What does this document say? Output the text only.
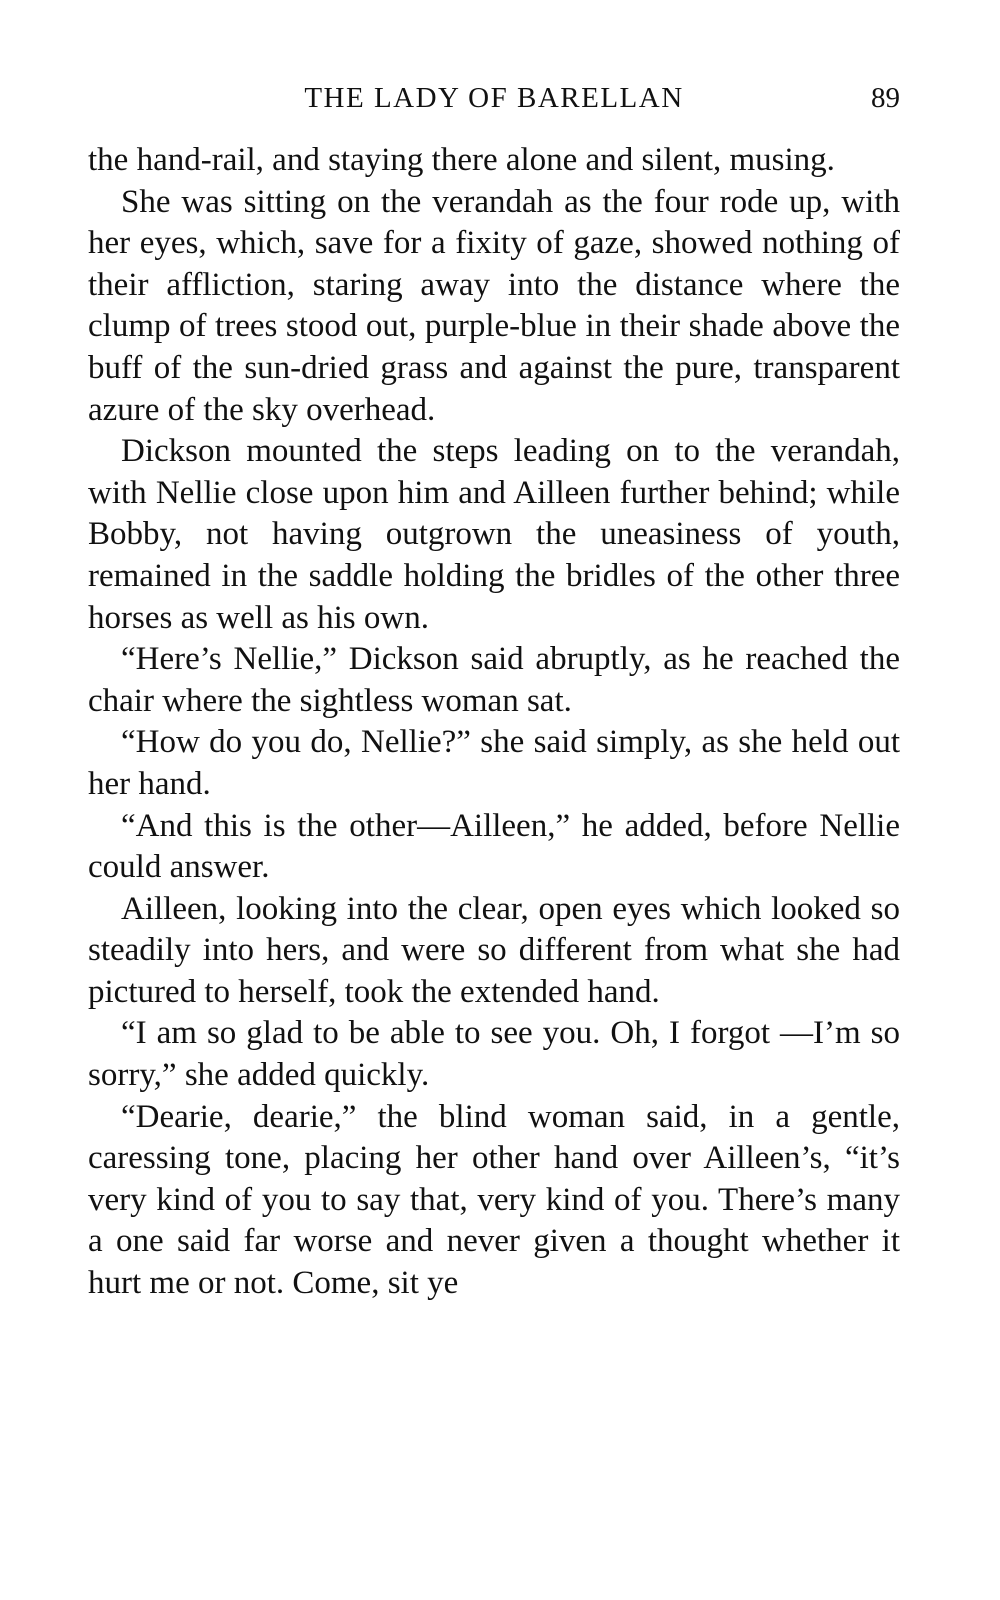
THE LADY OF BARELLAN	89

the hand-rail, and staying there alone and silent, musing.

She was sitting on the verandah as the four rode up, with her eyes, which, save for a fixity of gaze, showed nothing of their affliction, staring away into the distance where the clump of trees stood out, purple-blue in their shade above the buff of the sun-dried grass and against the pure, transparent azure of the sky overhead.

Dickson mounted the steps leading on to the verandah, with Nellie close upon him and Ailleen further behind; while Bobby, not having outgrown the uneasiness of youth, remained in the saddle holding the bridles of the other three horses as well as his own.

“Here’s Nellie,” Dickson said abruptly, as he reached the chair where the sightless woman sat.

“How do you do, Nellie?” she said simply, as she held out her hand.

“And this is the other—Ailleen,” he added, before Nellie could answer.

Ailleen, looking into the clear, open eyes which looked so steadily into hers, and were so different from what she had pictured to herself, took the extended hand.

“I am so glad to be able to see you. Oh, I forgot —I’m so sorry,” she added quickly.

“Dearie, dearie,” the blind woman said, in a gentle, caressing tone, placing her other hand over Ailleen’s, “it’s very kind of you to say that, very kind of you. There’s many a one said far worse and never given a thought whether it hurt me or not. Come, sit ye
